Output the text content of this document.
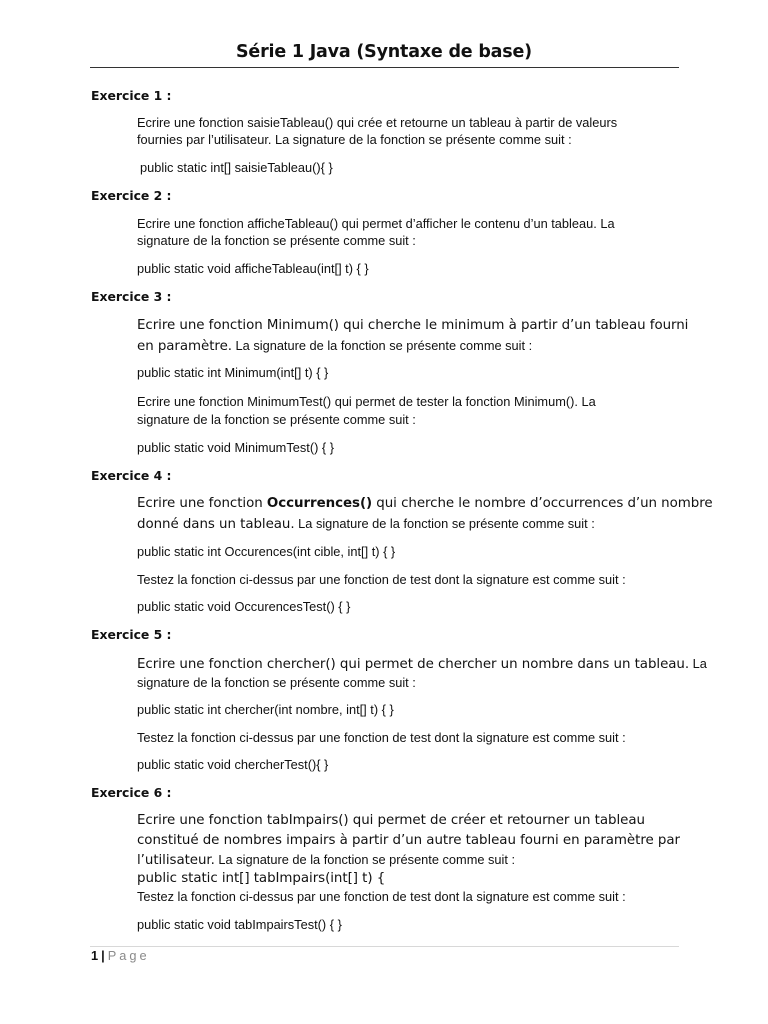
Série 1 Java (Syntaxe de base)
Exercice 1 :
Ecrire une fonction saisieTableau() qui crée et retourne un tableau à partir de valeurs
fournies par l’utilisateur. La signature de la fonction se présente comme suit :
public static int[] saisieTableau(){ }
Exercice 2 :
Ecrire une fonction afficheTableau() qui permet d’afficher le contenu d’un tableau. La
signature de la fonction se présente comme suit :
public static void afficheTableau(int[] t) { }
Exercice 3 :
Ecrire une fonction Minimum() qui cherche le minimum à partir d’un tableau fourni
en paramètre. La signature de la fonction se présente comme suit :
public static int Minimum(int[] t) { }
Ecrire une fonction MinimumTest() qui permet de tester la fonction Minimum(). La
signature de la fonction se présente comme suit :
public static void MinimumTest() { }
Exercice 4 :
Ecrire une fonction Occurrences() qui cherche le nombre d’occurrences d’un nombre
donné dans un tableau. La signature de la fonction se présente comme suit :
public static int Occurences(int cible, int[] t) { }
Testez la fonction ci-dessus par une fonction de test dont la signature est comme suit :
public static void OccurencesTest() { }
Exercice 5 :
Ecrire une fonction chercher() qui permet de chercher un nombre dans un tableau. La
signature de la fonction se présente comme suit :
public static int chercher(int nombre, int[] t) { }
Testez la fonction ci-dessus par une fonction de test dont la signature est comme suit :
public static void chercherTest(){ }
Exercice 6 :
Ecrire une fonction tabImpairs() qui permet de créer et retourner un tableau
constitué de nombres impairs à partir d’un autre tableau fourni en paramètre par
l’utilisateur. La signature de la fonction se présente comme suit :
public static int[] tabImpairs(int[] t) {
Testez la fonction ci-dessus par une fonction de test dont la signature est comme suit :
public static void tabImpairsTest() { }
1 | Page
